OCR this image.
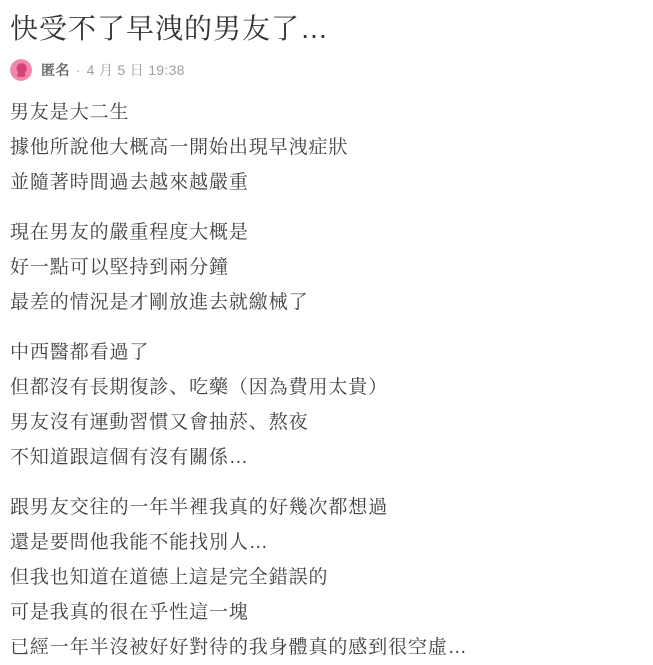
快受不了早洩的男友了…
匿名 · 4 月 5 日 19:38
男友是大二生
據他所說他大概高一開始出現早洩症狀
並隨著時間過去越來越嚴重
現在男友的嚴重程度大概是
好一點可以堅持到兩分鐘
最差的情況是才剛放進去就繳械了
中西醫都看過了
但都沒有長期復診、吃藥（因為費用太貴）
男友沒有運動習慣又會抽菸、熬夜
不知道跟這個有沒有關係…
跟男友交往的一年半裡我真的好幾次都想過
還是要問他我能不能找別人…
但我也知道在道德上這是完全錯誤的
可是我真的很在乎性這一塊
已經一年半沒被好好對待的我身體真的感到很空虛…
